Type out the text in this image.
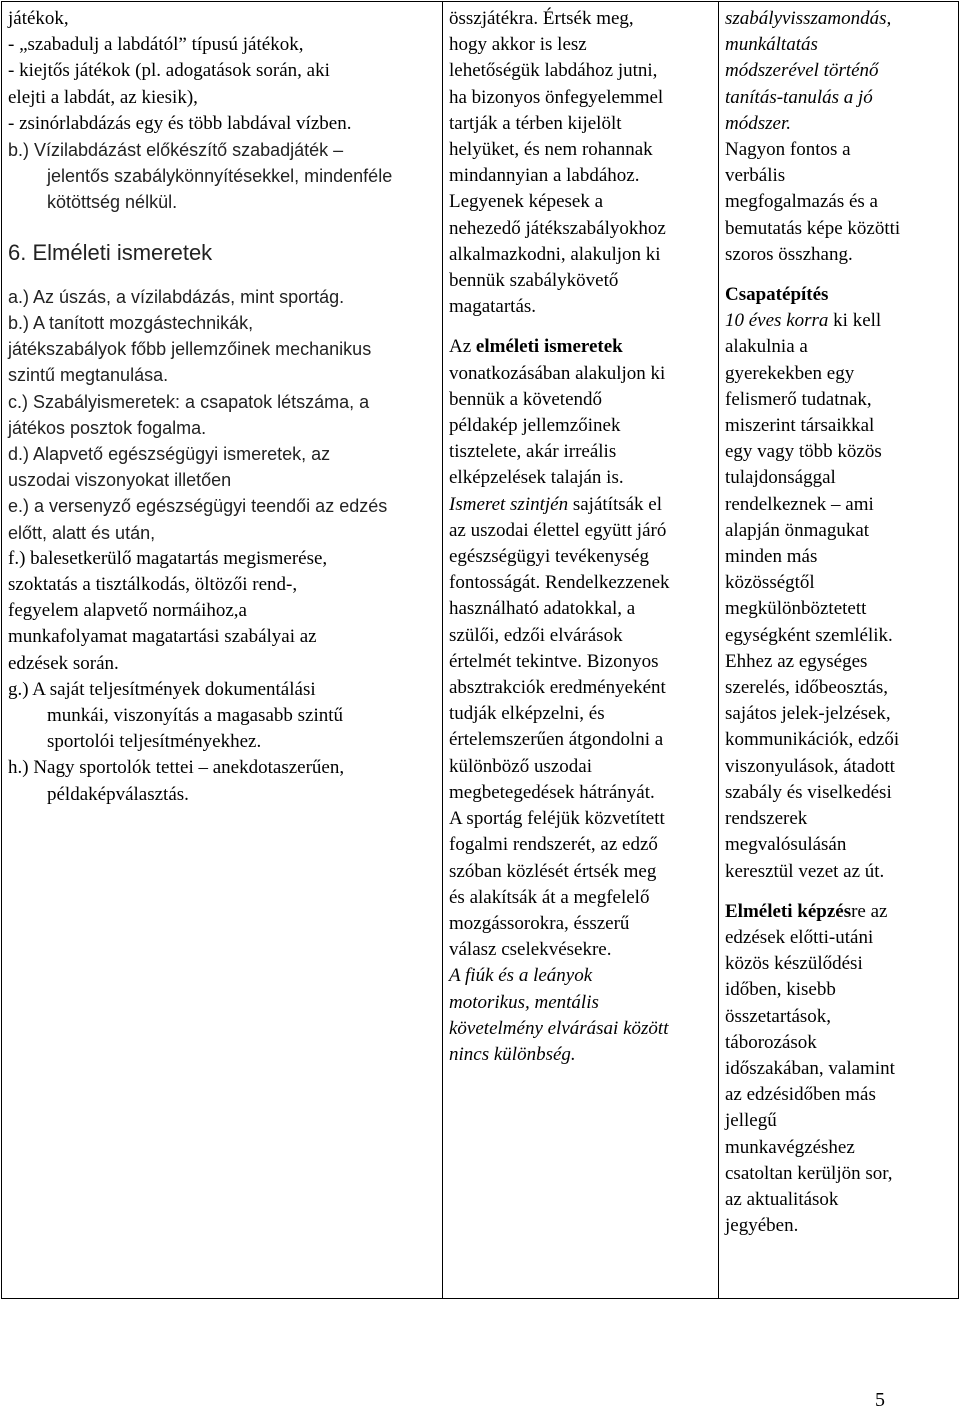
játékok,
- „szabadulj a labdától” típusú játékok,
- kiejtős játékok (pl. adogatások során, aki
elejti a labdát, az kiesik),
- zsinórlabdázás egy és több labdával vízben.
b.) Vízilabdázást előkészítő szabadjáték –
jelentős szabálykönnyítésekkel, mindenféle
kötöttség nélkül.
6. Elméleti ismeretek
a.) Az úszás, a vízilabdázás, mint sportág.
b.) A tanított mozgástechnikák,
játékszabályok főbb jellemzőinek mechanikus
szintű megtanulása.
c.) Szabályismeretek: a csapatok létszáma, a
játékos posztok fogalma.
d.) Alapvető egészségügyi ismeretek, az
uszodai viszonyokat illetően
e.) a versenyző egészségügyi teendői az edzés
előtt, alatt és után,
f.) balesetkerülő magatartás megismerése,
szoktatás a tisztálkodás, öltözői rend-,
fegyelem alapvető normáihoz,a
munkafolyamat magatartási szabályai az
edzések során.
g.) A saját teljesítmények dokumentálási
munkái, viszonyítás a magasabb szintű
sportolói teljesítményekhez.
h.) Nagy sportolók tettei – anekdotaszerűen,
példaképválasztás.

összjátékra. Értsék meg,
hogy akkor is lesz
lehetőségük labdához jutni,
ha bizonyos önfegyelemmel
tartják a térben kijelölt
helyüket, és nem rohannak
mindannyian a labdához.
Legyenek képesek a
nehezedő játékszabályokhoz
alkalmazkodni, alakuljon ki
bennük szabálykövető
magatartás.
Az elméleti ismeretek
vonatkozásában alakuljon ki
bennük a követendő
példakép jellemzőinek
tisztelete, akár irreális
elképzelések talaján is.
Ismeret szintjén sajátítsák el
az uszodai élettel együtt járó
egészségügyi tevékenység
fontosságát. Rendelkezzenek
használható adatokkal, a
szülői, edzői elvárások
értelmét tekintve. Bizonyos
absztrakciók eredményeként
tudják elképzelni, és
értelemszerűen átgondolni a
különböző uszodai
megbetegedések hátrányát.
A sportág feléjük közvetített
fogalmi rendszerét, az edző
szóban közlését értsék meg
és alakítsák át a megfelelő
mozgássorokra, ésszerű
válasz cselekvésekre.
A fiúk és a leányok
motorikus, mentális
követelmény elvárásai között
nincs különbség.

szabályvisszamondás,
munkáltatás
módszerével történő
tanítás-tanulás a jó
módszer.
Nagyon fontos a
verbális
megfogalmazás és a
bemutatás képe közötti
szoros összhang.
Csapatépítés
10 éves korra ki kell
alakulnia a
gyerekekben egy
felismerő tudatnak,
miszerint társaikkal
egy vagy több közös
tulajdonsággal
rendelkeznek – ami
alapján önmagukat
minden más
közösségtől
megkülönböztetett
egységként szemlélik.
Ehhez az egységes
szerelés, időbeosztás,
sajátos jelek-jelzések,
kommunikációk, edzői
viszonyulások, átadott
szabály és viselkedési
rendszerek
megvalósulásán
keresztül vezet az út.
Elméleti képzésre az
edzések előtti-utáni
közös készülődési
időben, kisebb
összetartások,
táborozások
időszakában, valamint
az edzésidőben más
jellegű
munkavégzéshez
csatoltan kerüljön sor,
az aktualitások
jegyében.
5
